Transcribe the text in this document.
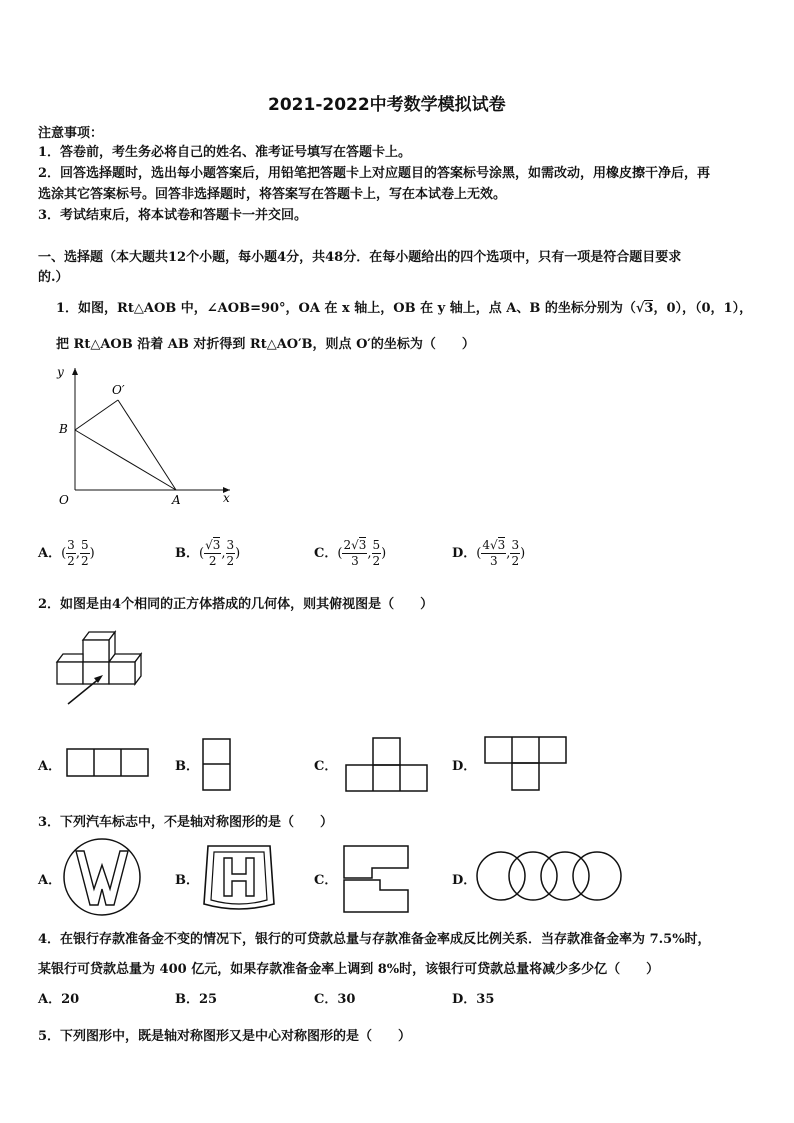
2021-2022中考数学模拟试卷
注意事项：
1．答卷前，考生务必将自己的姓名、准考证号填写在答题卡上。
2．回答选择题时，选出每小题答案后，用铅笔把答题卡上对应题目的答案标号涂黑，如需改动，用橡皮擦干净后，再
选涂其它答案标号。回答非选择题时，将答案写在答题卡上，写在本试卷上无效。
3．考试结束后，将本试卷和答题卡一并交回。
一、选择题（本大题共12个小题，每小题4分，共48分．在每小题给出的四个选项中，只有一项是符合题目要求
的.）
1．如图，Rt△AOB 中，∠AOB=90°，OA 在 x 轴上，OB 在 y 轴上，点 A、B 的坐标分别为（√3，0），（0，1），
把 Rt△AOB 沿着 AB 对折得到 Rt△AO′B，则点 O′的坐标为（　　）
y
x
O	A
B
O′
A．( $\frac{3}{2}$ , $\frac{5}{2}$ )	B．( $\frac{√3}{2}$ , $\frac{3}{2}$ )	C．( $\frac{2√3}{3}$ , $\frac{5}{2}$ )	D．( $\frac{4√3}{3}$ , $\frac{3}{2}$ )
2．如图是由4个相同的正方体搭成的几何体，则其俯视图是（　　）
A．	B．	C．	D．
3．下列汽车标志中，不是轴对称图形的是（　　）
A．	B．	C．	D．
4．在银行存款准备金不变的情况下，银行的可贷款总量与存款准备金率成反比例关系．当存款准备金率为 7.5%时，
某银行可贷款总量为 400 亿元，如果存款准备金率上调到 8%时，该银行可贷款总量将减少多少亿（　　）
A．20	B．25	C．30	D．35
5．下列图形中，既是轴对称图形又是中心对称图形的是（　　）
